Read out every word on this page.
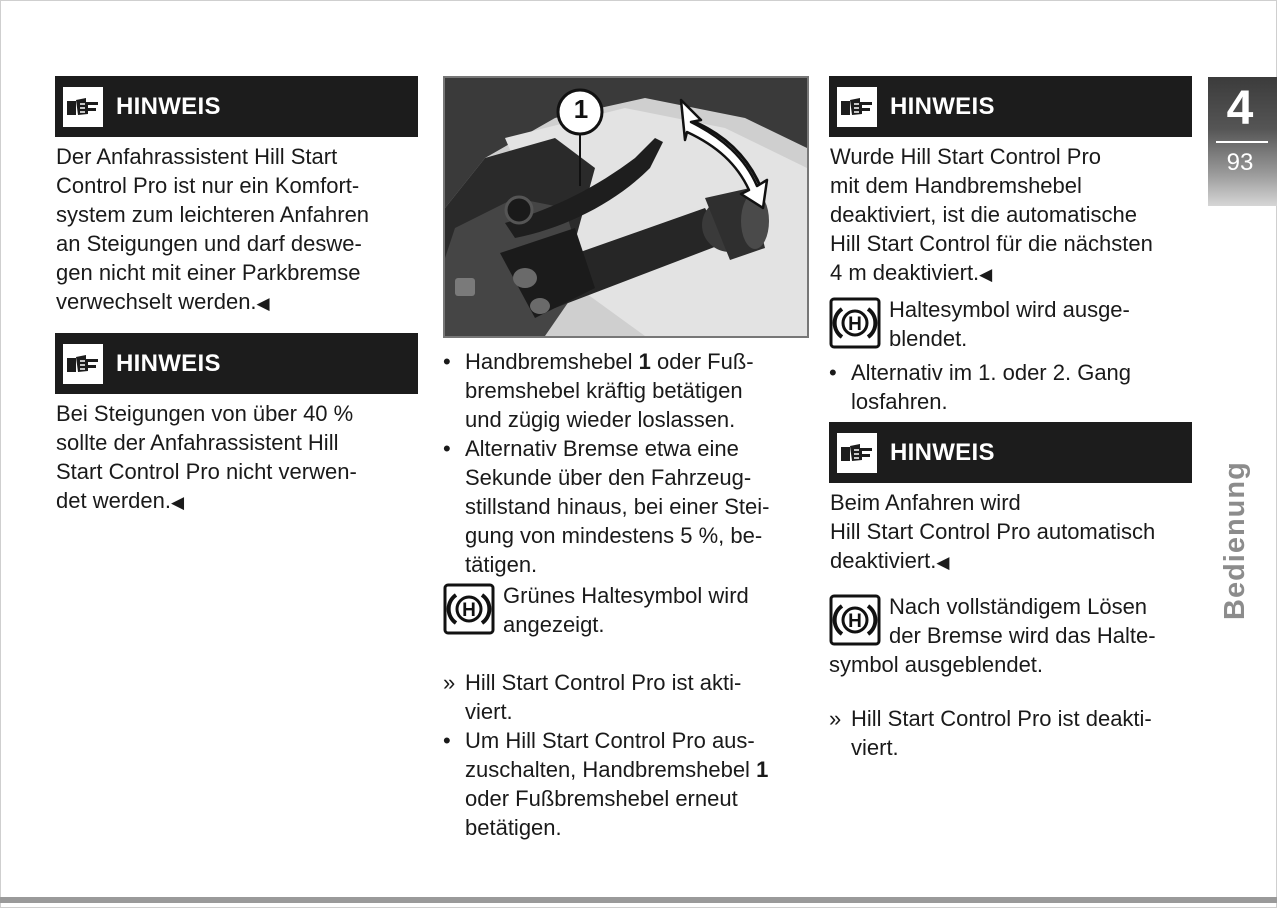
HINWEIS
Der Anfahrassistent Hill Start
Control Pro ist nur ein Komfort-
system zum leichteren Anfahren
an Steigungen und darf deswe-
gen nicht mit einer Parkbremse
verwechselt werden.◀
HINWEIS
Bei Steigungen von über 40 %
sollte der Anfahrassistent Hill
Start Control Pro nicht verwen-
det werden.◀
1
• Handbremshebel 1 oder Fuß-
bremshebel kräftig betätigen
und zügig wieder loslassen.
• Alternativ Bremse etwa eine
Sekunde über den Fahrzeug-
stillstand hinaus, bei einer Stei-
gung von mindestens 5 %, be-
tätigen.
H
Grünes Haltesymbol wird
angezeigt.
» Hill Start Control Pro ist akti-
viert.
• Um Hill Start Control Pro aus-
zuschalten, Handbremshebel 1
oder Fußbremshebel erneut
betätigen.
HINWEIS
Wurde Hill Start Control Pro
mit dem Handbremshebel
deaktiviert, ist die automatische
Hill Start Control für die nächsten
4 m deaktiviert.◀
H
Haltesymbol wird ausge-
blendet.
• Alternativ im 1. oder 2. Gang
losfahren.
HINWEIS
Beim Anfahren wird
Hill Start Control Pro automatisch
deaktiviert.◀
H
Nach vollständigem Lösen
der Bremse wird das Halte-
symbol ausgeblendet.
» Hill Start Control Pro ist deakti-
viert.
4
93
Bedienung
